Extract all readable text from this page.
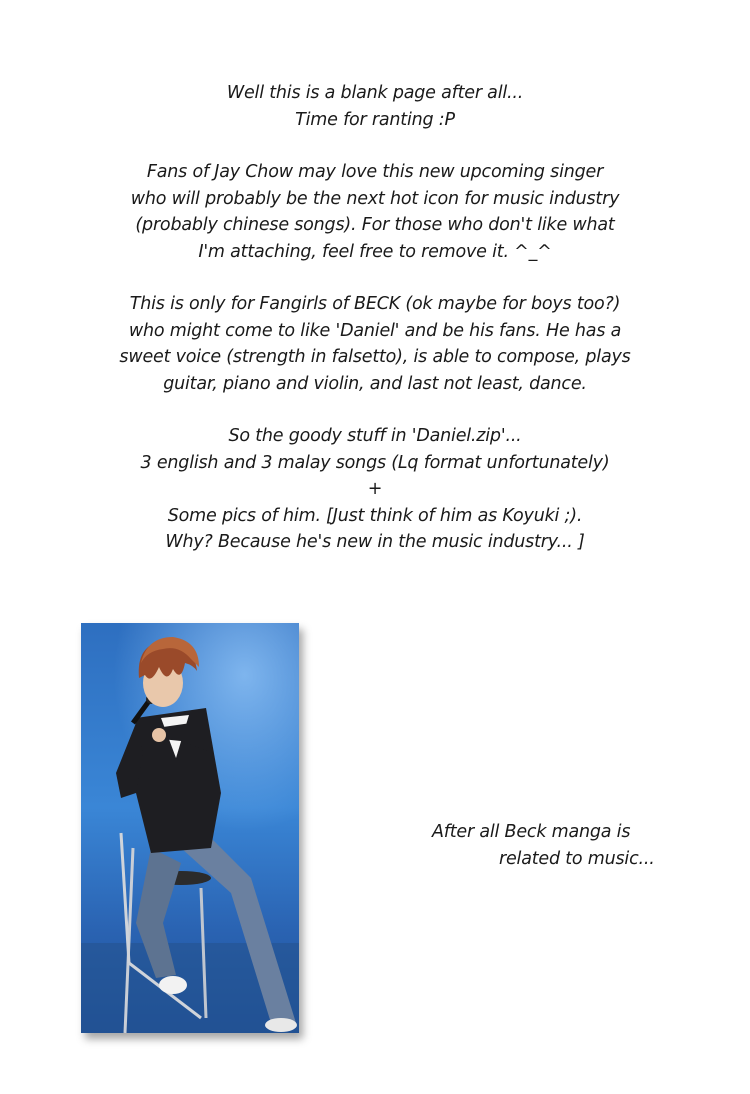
Well this is a blank page after all...
Time for ranting :P

Fans of Jay Chow may love this new upcoming singer
who will probably be the next hot icon for music industry
(probably chinese songs). For those who don't like what
I'm attaching, feel free to remove it. ^_^

This is only for Fangirls of BECK (ok maybe for boys too?)
who might come to like 'Daniel' and be his fans. He has a
sweet voice (strength in falsetto), is able to compose, plays
guitar, piano and violin, and last not least, dance.

So the goody stuff in 'Daniel.zip'...
3 english and 3 malay songs (Lq format unfortunately)
+
Some pics of him. [Just think of him as Koyuki ;).
Why? Because he's new in the music industry... ]

After all Beck manga is
related to music...
